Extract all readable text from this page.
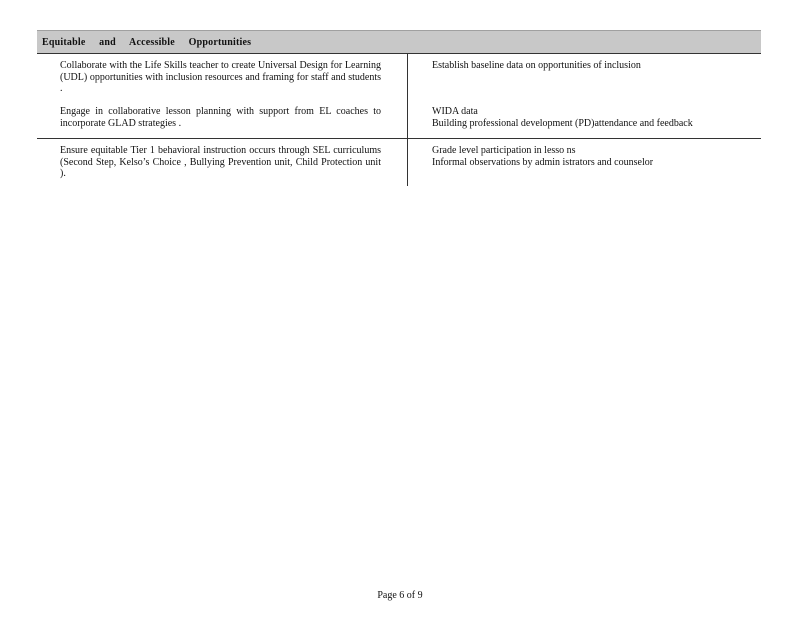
Equitable and Accessible Opportunities
Collaborate with the Life Skills teacher to create Universal Design for Learning (UDL) opportunities with inclusion resources and framing for staff and students .
Establish baseline data on opportunities of inclusion
Engage in collaborative lesson planning with support from EL coaches to incorporate GLAD strategies .
WIDA data
Building professional development (PD)attendance and feedback
Ensure equitable Tier 1 behavioral instruction occurs through SEL curriculums (Second Step, Kelso’s Choice , Bullying Prevention unit, Child Protection unit ).
Grade level participation in lesso ns
Informal observations by admin istrators and counselor
Page 6 of 9
